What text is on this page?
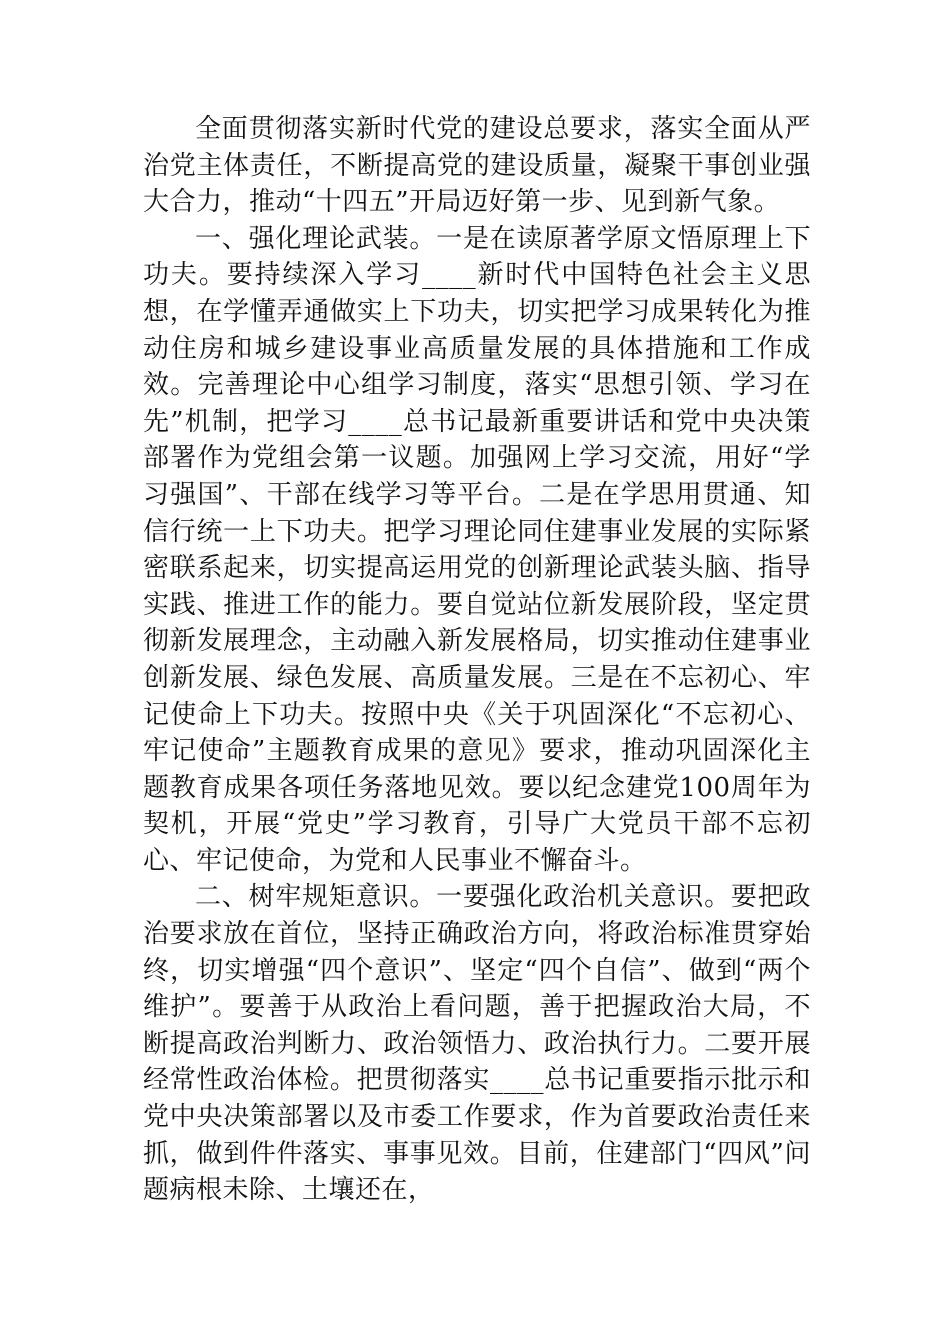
全面贯彻落实新时代党的建设总要求，落实全面从严治党主体责任，不断提高党的建设质量，凝聚干事创业强大合力，推动“十四五”开局迈好第一步、见到新气象。

一、强化理论武装。一是在读原著学原文悟原理上下功夫。要持续深入学习____新时代中国特色社会主义思想，在学懂弄通做实上下功夫，切实把学习成果转化为推动住房和城乡建设事业高质量发展的具体措施和工作成效。完善理论中心组学习制度，落实“思想引领、学习在先”机制，把学习____总书记最新重要讲话和党中央决策部署作为党组会第一议题。加强网上学习交流，用好“学习强国”、干部在线学习等平台。二是在学思用贯通、知信行统一上下功夫。把学习理论同住建事业发展的实际紧密联系起来，切实提高运用党的创新理论武装头脑、指导实践、推进工作的能力。要自觉站位新发展阶段，坚定贯彻新发展理念，主动融入新发展格局，切实推动住建事业创新发展、绿色发展、高质量发展。三是在不忘初心、牢记使命上下功夫。按照中央《关于巩固深化“不忘初心、牢记使命”主题教育成果的意见》要求，推动巩固深化主题教育成果各项任务落地见效。要以纪念建党100周年为契机，开展“党史”学习教育，引导广大党员干部不忘初心、牢记使命，为党和人民事业不懈奋斗。

二、树牢规矩意识。一要强化政治机关意识。要把政治要求放在首位，坚持正确政治方向，将政治标准贯穿始终，切实增强“四个意识”、坚定“四个自信”、做到“两个维护”。要善于从政治上看问题，善于把握政治大局，不断提高政治判断力、政治领悟力、政治执行力。二要开展经常性政治体检。把贯彻落实____总书记重要指示批示和党中央决策部署以及市委工作要求，作为首要政治责任来抓，做到件件落实、事事见效。目前，住建部门“四风”问题病根未除、土壤还在，
